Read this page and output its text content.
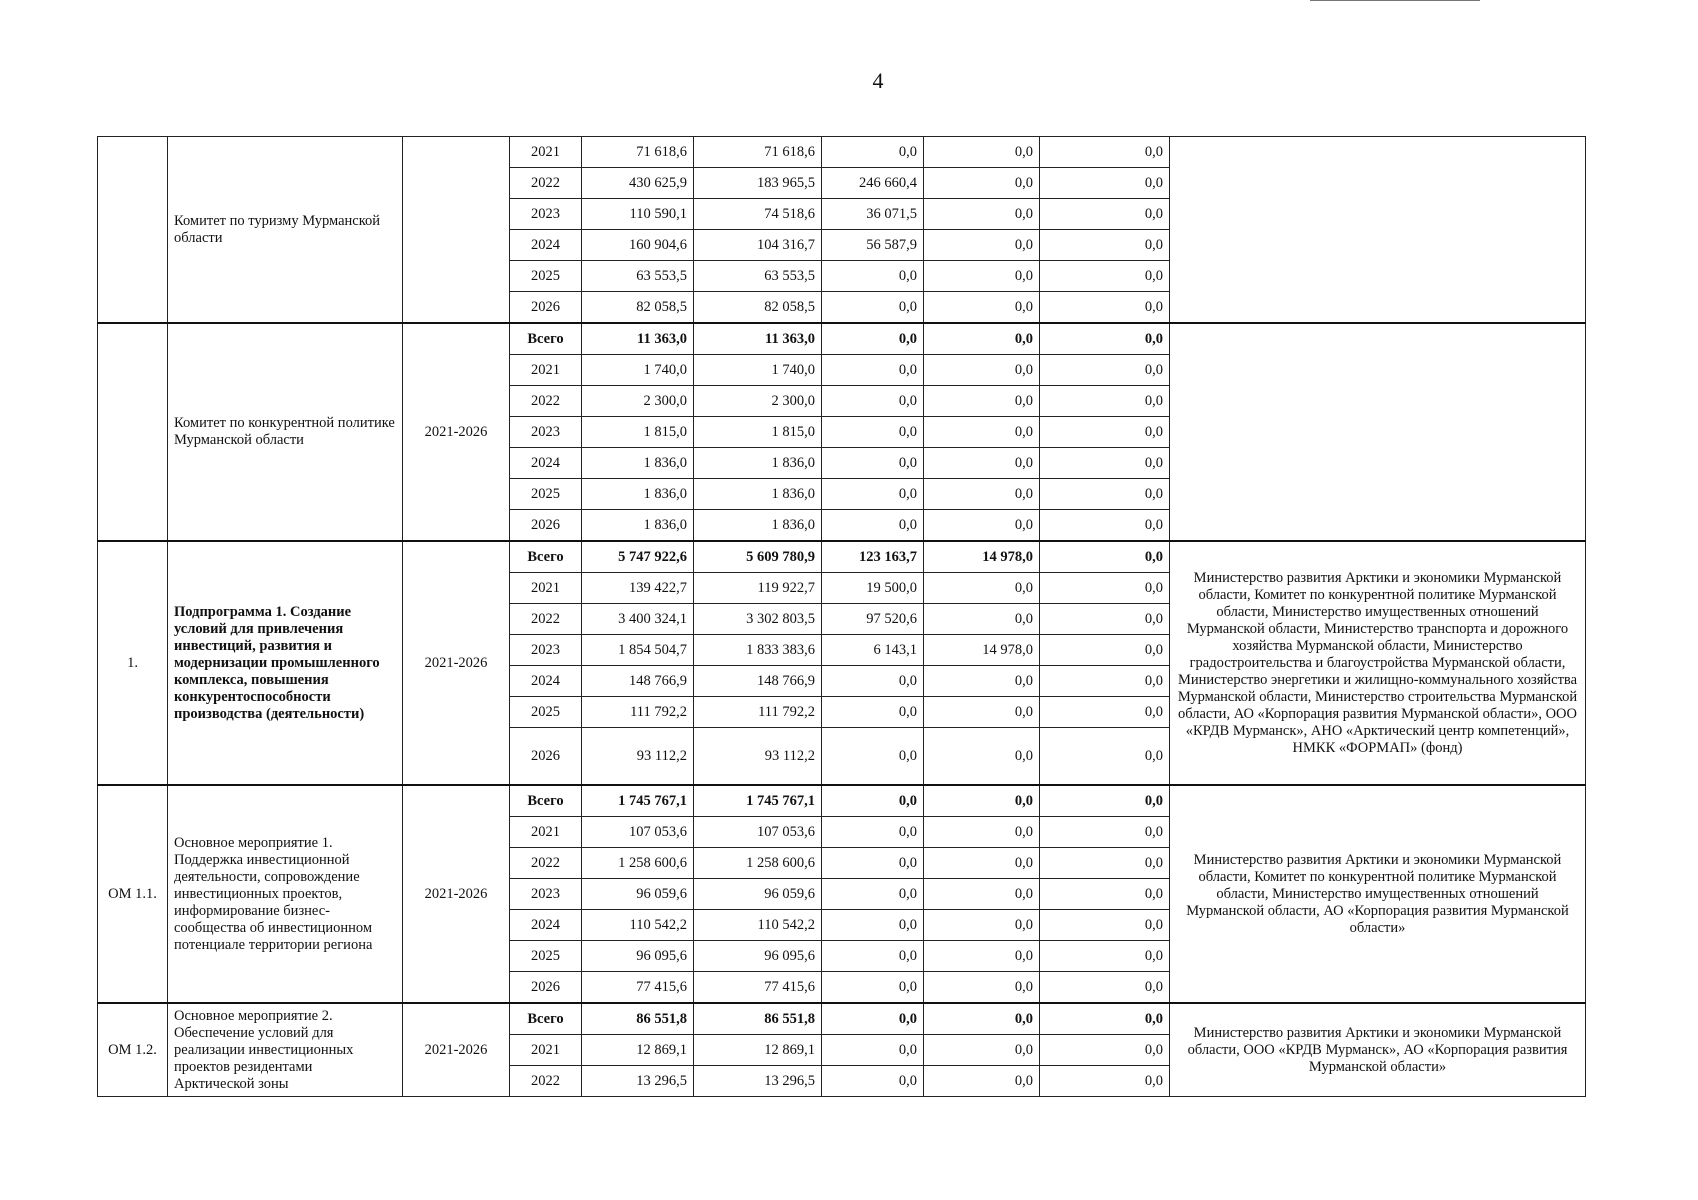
4
	Комитет по туризму Мурманской области		2021	71 618,6	71 618,6	0,0	0,0	0,0	
			2022	430 625,9	183 965,5	246 660,4	0,0	0,0	
			2023	110 590,1	74 518,6	36 071,5	0,0	0,0	
			2024	160 904,6	104 316,7	56 587,9	0,0	0,0	
			2025	63 553,5	63 553,5	0,0	0,0	0,0	
			2026	82 058,5	82 058,5	0,0	0,0	0,0	
	Комитет по конкурентной политике Мурманской области	2021-2026	Всего	11 363,0	11 363,0	0,0	0,0	0,0	
			2021	1 740,0	1 740,0	0,0	0,0	0,0	
			2022	2 300,0	2 300,0	0,0	0,0	0,0	
			2023	1 815,0	1 815,0	0,0	0,0	0,0	
			2024	1 836,0	1 836,0	0,0	0,0	0,0	
			2025	1 836,0	1 836,0	0,0	0,0	0,0	
			2026	1 836,0	1 836,0	0,0	0,0	0,0	
1.	Подпрограмма 1. Создание условий для привлечения инвестиций, развития и модернизации промышленного комплекса, повышения конкурентоспособности производства (деятельности)	2021-2026	Всего	5 747 922,6	5 609 780,9	123 163,7	14 978,0	0,0	Министерство развития Арктики и экономики Мурманской области, Комитет по конкурентной политике Мурманской области, Министерство имущественных отношений Мурманской области, Министерство транспорта и дорожного хозяйства Мурманской области, Министерство градостроительства и благоустройства Мурманской области, Министерство энергетики и жилищно-коммунального хозяйства Мурманской области, Министерство строительства Мурманской области, АО «Корпорация развития Мурманской области», ООО «КРДВ Мурманск», АНО «Арктический центр компетенций», НМКК «ФОРМАП» (фонд)
			2021	139 422,7	119 922,7	19 500,0	0,0	0,0	
			2022	3 400 324,1	3 302 803,5	97 520,6	0,0	0,0	
			2023	1 854 504,7	1 833 383,6	6 143,1	14 978,0	0,0	
			2024	148 766,9	148 766,9	0,0	0,0	0,0	
			2025	111 792,2	111 792,2	0,0	0,0	0,0	
			2026	93 112,2	93 112,2	0,0	0,0	0,0	
ОМ 1.1.	Основное мероприятие 1. Поддержка инвестиционной деятельности, сопровождение инвестиционных проектов, информирование бизнес-сообщества об инвестиционном потенциале территории региона	2021-2026	Всего	1 745 767,1	1 745 767,1	0,0	0,0	0,0	Министерство развития Арктики и экономики Мурманской области, Комитет по конкурентной политике Мурманской области, Министерство имущественных отношений Мурманской области, АО «Корпорация развития Мурманской области»
			2021	107 053,6	107 053,6	0,0	0,0	0,0	
			2022	1 258 600,6	1 258 600,6	0,0	0,0	0,0	
			2023	96 059,6	96 059,6	0,0	0,0	0,0	
			2024	110 542,2	110 542,2	0,0	0,0	0,0	
			2025	96 095,6	96 095,6	0,0	0,0	0,0	
			2026	77 415,6	77 415,6	0,0	0,0	0,0	
ОМ 1.2.	Основное мероприятие 2. Обеспечение условий для реализации инвестиционных проектов резидентами Арктической зоны	2021-2026	Всего	86 551,8	86 551,8	0,0	0,0	0,0	Министерство развития Арктики и экономики Мурманской области, ООО «КРДВ Мурманск», АО «Корпорация развития Мурманской области»
			2021	12 869,1	12 869,1	0,0	0,0	0,0	
			2022	13 296,5	13 296,5	0,0	0,0	0,0	
